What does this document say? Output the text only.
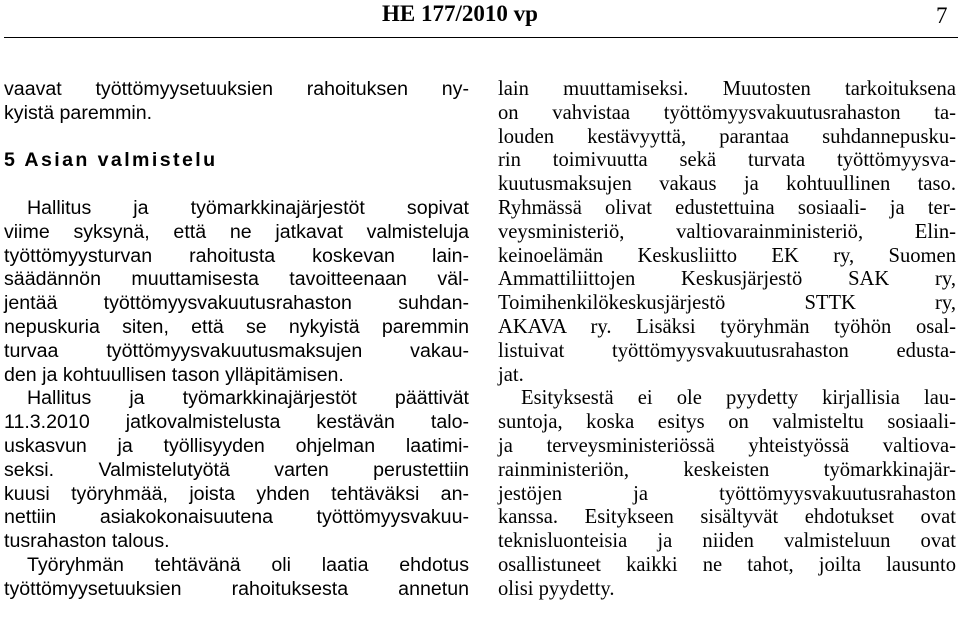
HE 177/2010 vp	7
vaavat työttömyysetuuksien rahoituksen ny-
kyistä paremmin.
5 Asian valmistelu
Hallitus ja työmarkkinajärjestöt sopivat
viime syksynä, että ne jatkavat valmisteluja
työttömyysturvan rahoitusta koskevan lain-
säädännön muuttamisesta tavoitteenaan väl-
jentää työttömyysvakuutusrahaston suhdan-
nepuskuria siten, että se nykyistä paremmin
turvaa työttömyysvakuutusmaksujen vakau-
den ja kohtuullisen tason ylläpitämisen.
Hallitus ja työmarkkinajärjestöt päättivät
11.3.2010 jatkovalmistelusta kestävän talo-
uskasvun ja työllisyyden ohjelman laatimi-
seksi. Valmistelutyötä varten perustettiin
kuusi työryhmää, joista yhden tehtäväksi an-
nettiin asiakokonaisuutena työttömyysvakuu-
tusrahaston talous.
Työryhmän tehtävänä oli laatia ehdotus
työttömyysetuuksien rahoituksesta annetun
lain muuttamiseksi. Muutosten tarkoituksena
on vahvistaa työttömyysvakuutusrahaston ta-
louden kestävyyttä, parantaa suhdannepusku-
rin toimivuutta sekä turvata työttömyysva-
kuutusmaksujen vakaus ja kohtuullinen taso.
Ryhmässä olivat edustettuina sosiaali- ja ter-
veysministeriö, valtiovarainministeriö, Elin-
keinoelämän Keskusliitto EK ry, Suomen
Ammattiliittojen Keskusjärjestö SAK ry,
Toimihenkilökeskusjärjestö STTK ry,
AKAVA ry. Lisäksi työryhmän työhön osal-
listuivat työttömyysvakuutusrahaston edusta-
jat.
Esityksestä ei ole pyydetty kirjallisia lau-
suntoja, koska esitys on valmisteltu sosiaali-
ja terveysministeriössä yhteistyössä valtiova-
rainministeriön, keskeisten työmarkkinajär-
jestöjen ja työttömyysvakuutusrahaston
kanssa. Esitykseen sisältyvät ehdotukset ovat
teknisluonteisia ja niiden valmisteluun ovat
osallistuneet kaikki ne tahot, joilta lausunto
olisi pyydetty.
